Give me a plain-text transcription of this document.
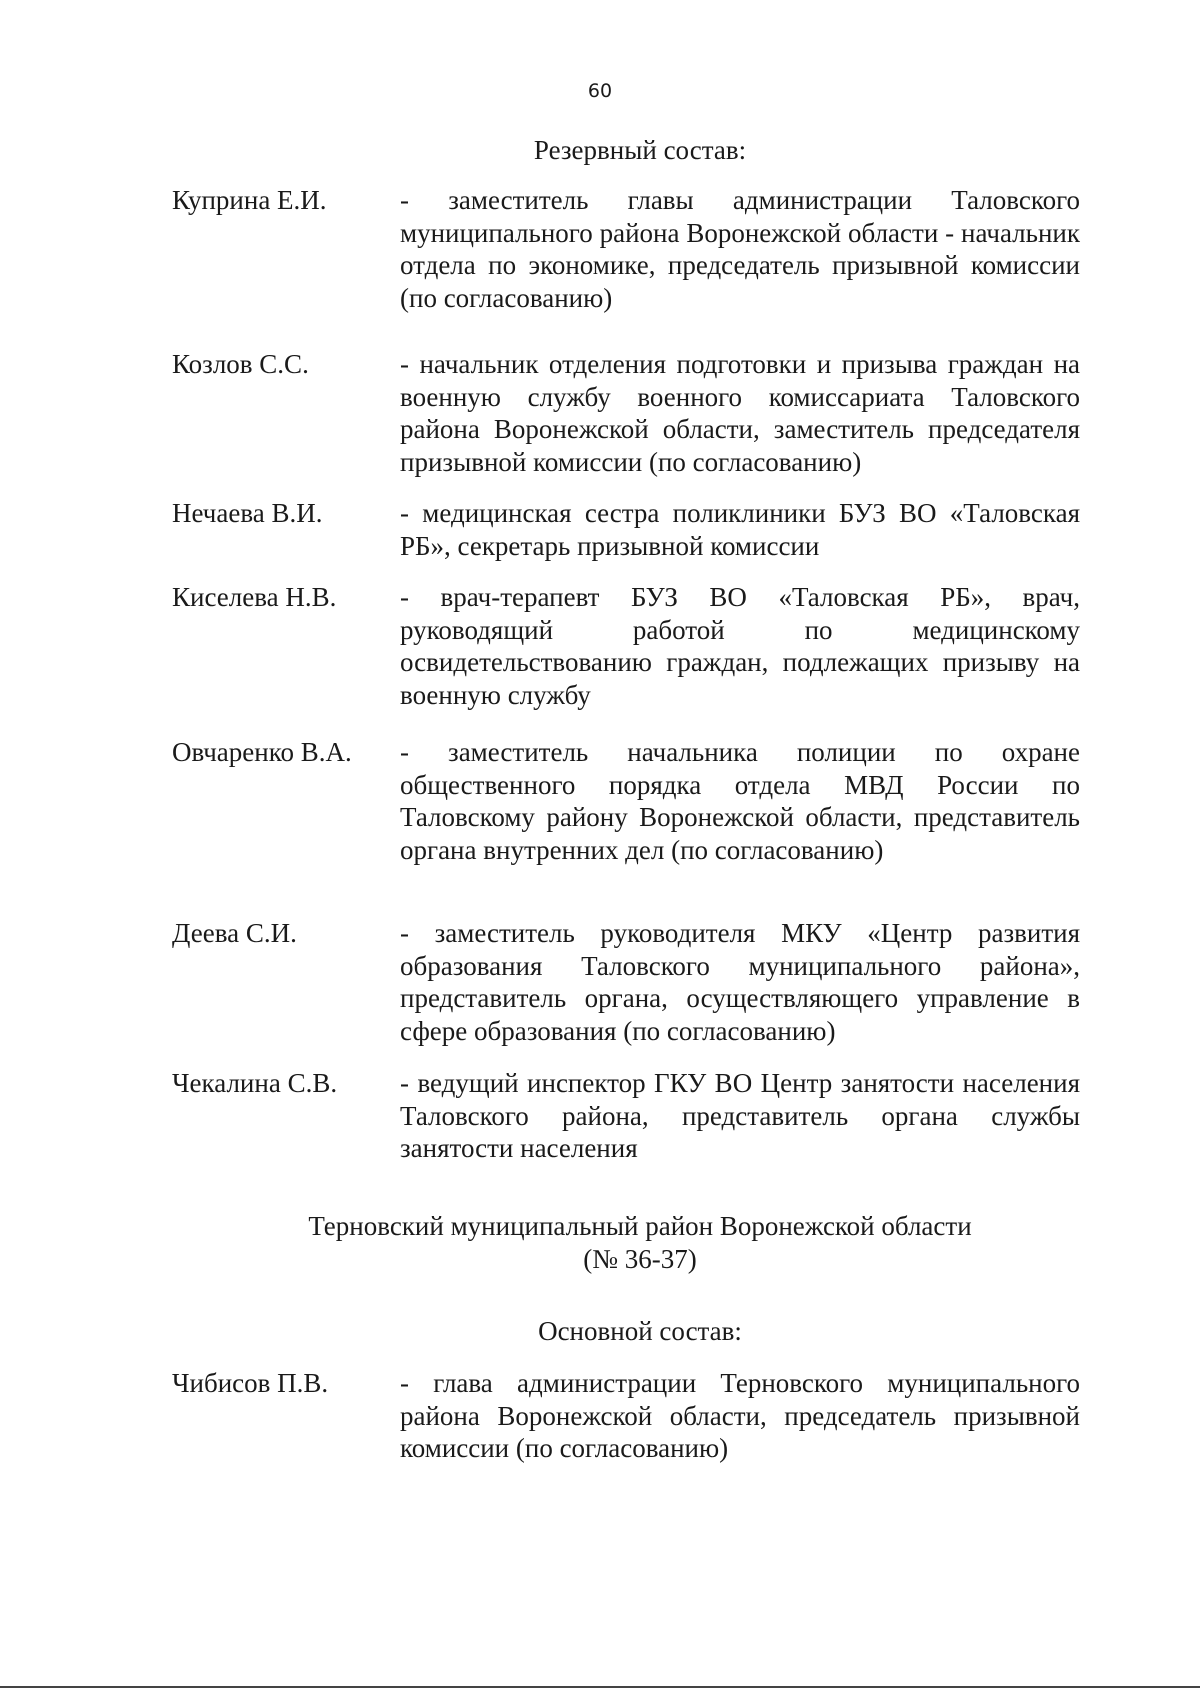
60
Резервный состав:
Куприна Е.И.	- заместитель главы администрации Таловского муниципального района Воронежской области - начальник отдела по экономике, председатель призывной комиссии (по согласованию)
Козлов С.С.	- начальник отделения подготовки и призыва граждан на военную службу военного комиссариата Таловского района Воронежской области, заместитель председателя призывной комиссии (по согласованию)
Нечаева В.И.	- медицинская сестра поликлиники БУЗ ВО «Таловская РБ», секретарь призывной комиссии
Киселева Н.В. - врач-терапевт БУЗ ВО «Таловская РБ», врач, руководящий работой по медицинскому освидетельствованию граждан, подлежащих призыву на военную службу
Овчаренко В.А. - заместитель начальника полиции по охране общественного порядка отдела МВД России по Таловскому району Воронежской области, представитель органа внутренних дел (по согласованию)
Деева С.И.	- заместитель руководителя МКУ «Центр развития образования Таловского муниципального района», представитель органа, осуществляющего управление в сфере образования (по согласованию)
Чекалина С.В. - ведущий инспектор ГКУ ВО Центр занятости населения Таловского района, представитель органа службы занятости населения
Терновский муниципальный район Воронежской области
(№ 36-37)
Основной состав:
Чибисов П.В.	- глава администрации Терновского муниципального района Воронежской области, председатель призывной комиссии (по согласованию)
